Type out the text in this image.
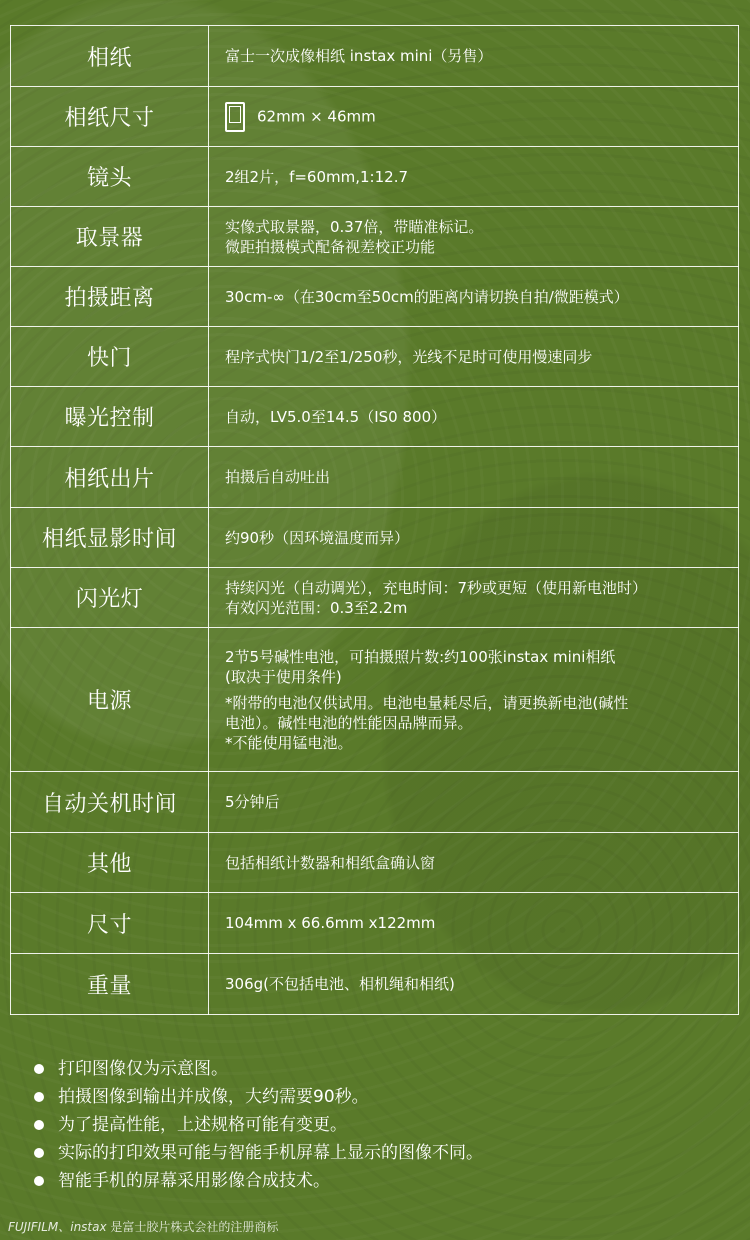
相纸	富士一次成像相纸 instax mini（另售）

相纸尺寸	62mm × 46mm

镜头	2组2片，f=60mm,1:12.7

取景器	实像式取景器，0.37倍，带瞄准标记。
微距拍摄模式配备视差校正功能

拍摄距离	30cm-∞（在30cm至50cm的距离内请切换自拍/微距模式）

快门	程序式快门1/2至1/250秒，光线不足时可使用慢速同步

曝光控制	自动，LV5.0至14.5（IS0 800）

相纸出片	拍摄后自动吐出

相纸显影时间	约90秒（因环境温度而异）

闪光灯	持续闪光（自动调光），充电时间：7秒或更短（使用新电池时）
有效闪光范围：0.3至2.2m

电源	2节5号碱性电池，可拍摄照片数:约100张instax mini相纸
(取决于使用条件)
*附带的电池仅供试用。电池电量耗尽后，请更换新电池(碱性
电池）。碱性电池的性能因品牌而异。
*不能使用锰电池。

自动关机时间	5分钟后

其他	包括相纸计数器和相纸盒确认窗

尺寸	104mm x 66.6mm x122mm

重量	306g(不包括电池、相机绳和相纸)
打印图像仅为示意图。
拍摄图像到输出并成像，大约需要90秒。
为了提高性能，上述规格可能有变更。
实际的打印效果可能与智能手机屏幕上显示的图像不同。
智能手机的屏幕采用影像合成技术。
FUJIFILM、instax 是富士胶片株式会社的注册商标
